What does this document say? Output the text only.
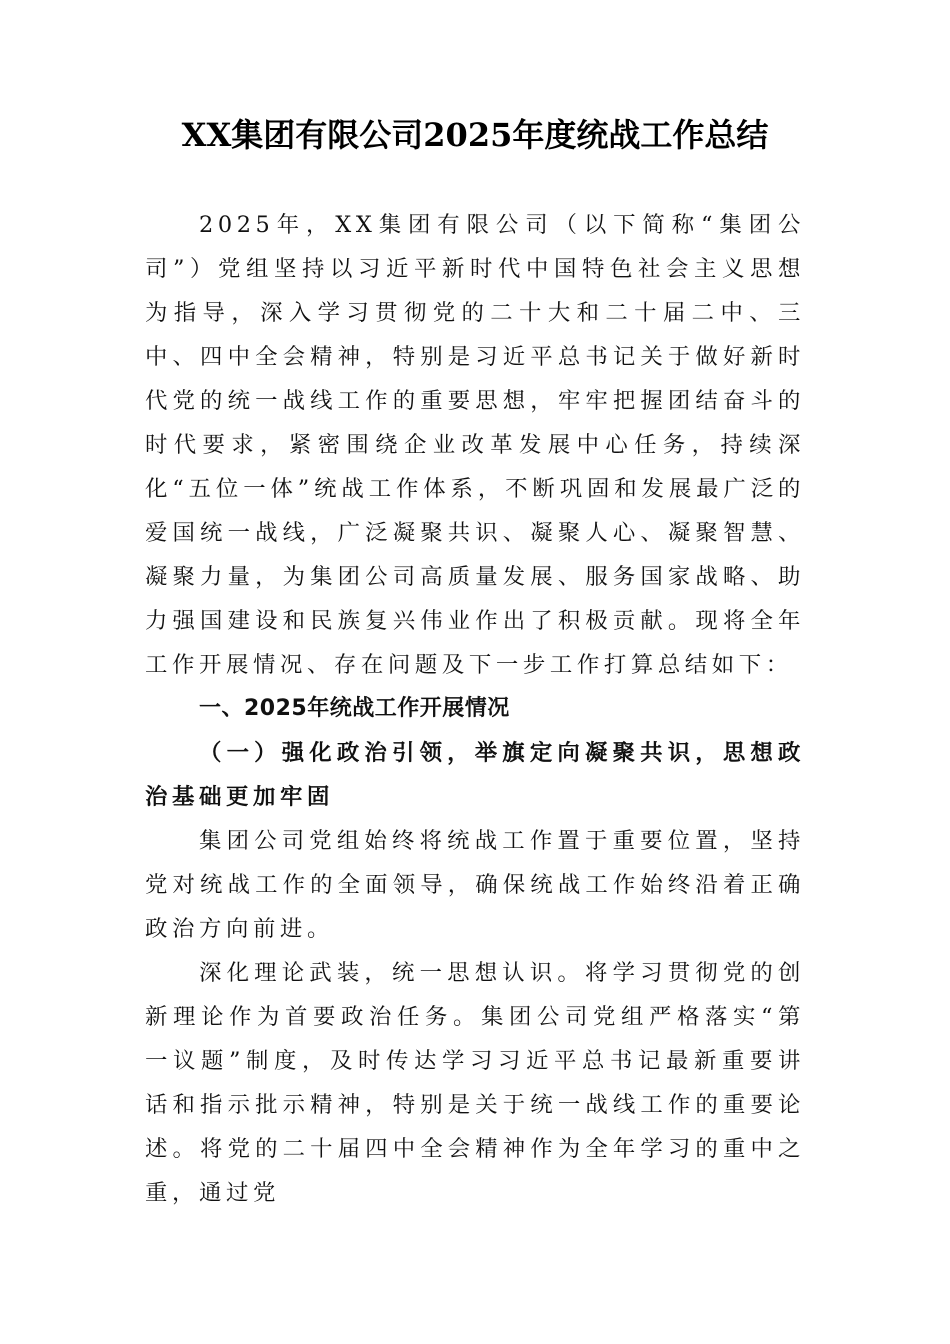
XX集团有限公司2025年度统战工作总结

2025年，XX集团有限公司（以下简称“集团公司”）党组坚持以习近平新时代中国特色社会主义思想为指导，深入学习贯彻党的二十大和二十届二中、三中、四中全会精神，特别是习近平总书记关于做好新时代党的统一战线工作的重要思想，牢牢把握团结奋斗的时代要求，紧密围绕企业改革发展中心任务，持续深化“五位一体”统战工作体系，不断巩固和发展最广泛的爱国统一战线，广泛凝聚共识、凝聚人心、凝聚智慧、凝聚力量，为集团公司高质量发展、服务国家战略、助力强国建设和民族复兴伟业作出了积极贡献。现将全年工作开展情况、存在问题及下一步工作打算总结如下：

一、2025年统战工作开展情况

（一）强化政治引领，举旗定向凝聚共识，思想政治基础更加牢固

集团公司党组始终将统战工作置于重要位置，坚持党对统战工作的全面领导，确保统战工作始终沿着正确政治方向前进。

深化理论武装，统一思想认识。将学习贯彻党的创新理论作为首要政治任务。集团公司党组严格落实“第一议题”制度，及时传达学习习近平总书记最新重要讲话和指示批示精神，特别是关于统一战线工作的重要论述。将党的二十届四中全会精神作为全年学习的重中之重，通过党
